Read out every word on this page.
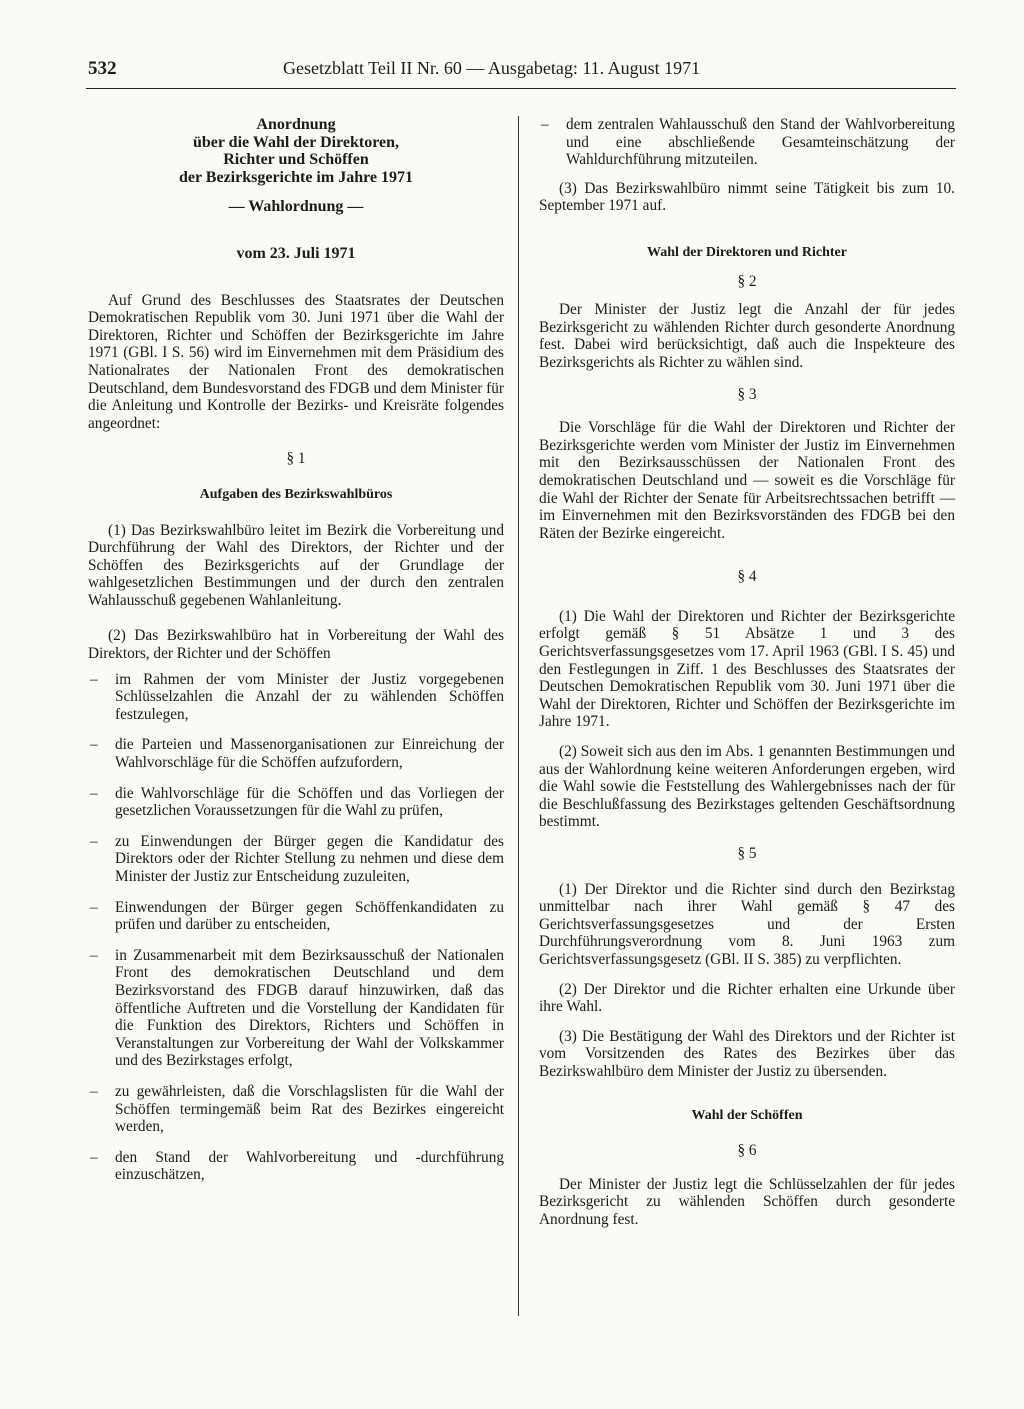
532	Gesetzblatt Teil II Nr. 60 — Ausgabetag: 11. August 1971
Anordnung
über die Wahl der Direktoren,
Richter und Schöffen
der Bezirksgerichte im Jahre 1971
— Wahlordnung —
vom 23. Juli 1971

Auf Grund des Beschlusses des Staatsrates der Deutschen Demokratischen Republik vom 30. Juni 1971 über die Wahl der Direktoren, Richter und Schöffen der Bezirksgerichte im Jahre 1971 (GBl. I S. 56) wird im Einvernehmen mit dem Präsidium des Nationalrates der Nationalen Front des demokratischen Deutschland, dem Bundesvorstand des FDGB und dem Minister für die Anleitung und Kontrolle der Bezirks- und Kreisräte folgendes angeordnet:

§ 1
Aufgaben des Bezirkswahlbüros

(1) Das Bezirkswahlbüro leitet im Bezirk die Vorbereitung und Durchführung der Wahl des Direktors, der Richter und der Schöffen des Bezirksgerichts auf der Grundlage der wahlgesetzlichen Bestimmungen und der durch den zentralen Wahlausschuß gegebenen Wahlanleitung.

(2) Das Bezirkswahlbüro hat in Vorbereitung der Wahl des Direktors, der Richter und der Schöffen

– im Rahmen der vom Minister der Justiz vorgegebenen Schlüsselzahlen die Anzahl der zu wählenden Schöffen festzulegen,
– die Parteien und Massenorganisationen zur Einreichung der Wahlvorschläge für die Schöffen aufzufordern,
– die Wahlvorschläge für die Schöffen und das Vorliegen der gesetzlichen Voraussetzungen für die Wahl zu prüfen,
– zu Einwendungen der Bürger gegen die Kandidatur des Direktors oder der Richter Stellung zu nehmen und diese dem Minister der Justiz zur Entscheidung zuzuleiten,
– Einwendungen der Bürger gegen Schöffenkandidaten zu prüfen und darüber zu entscheiden,
– in Zusammenarbeit mit dem Bezirksausschuß der Nationalen Front des demokratischen Deutschland und dem Bezirksvorstand des FDGB darauf hinzuwirken, daß das öffentliche Auftreten und die Vorstellung der Kandidaten für die Funktion des Direktors, Richters und Schöffen in Veranstaltungen zur Vorbereitung der Wahl der Volkskammer und des Bezirkstages erfolgt,
– zu gewährleisten, daß die Vorschlagslisten für die Wahl der Schöffen termingemäß beim Rat des Bezirkes eingereicht werden,
– den Stand der Wahlvorbereitung und -durchführung einzuschätzen,
– dem zentralen Wahlausschuß den Stand der Wahlvorbereitung und eine abschließende Gesamteinschätzung der Wahldurchführung mitzuteilen.

(3) Das Bezirkswahlbüro nimmt seine Tätigkeit bis zum 10. September 1971 auf.

Wahl der Direktoren und Richter
§ 2

Der Minister der Justiz legt die Anzahl der für jedes Bezirksgericht zu wählenden Richter durch gesonderte Anordnung fest. Dabei wird berücksichtigt, daß auch die Inspekteure des Bezirksgerichts als Richter zu wählen sind.

§ 3

Die Vorschläge für die Wahl der Direktoren und Richter der Bezirksgerichte werden vom Minister der Justiz im Einvernehmen mit den Bezirksausschüssen der Nationalen Front des demokratischen Deutschland und — soweit es die Vorschläge für die Wahl der Richter der Senate für Arbeitsrechtssachen betrifft — im Einvernehmen mit den Bezirksvorständen des FDGB bei den Räten der Bezirke eingereicht.

§ 4

(1) Die Wahl der Direktoren und Richter der Bezirksgerichte erfolgt gemäß § 51 Absätze 1 und 3 des Gerichtsverfassungsgesetzes vom 17. April 1963 (GBl. I S. 45) und den Festlegungen in Ziff. 1 des Beschlusses des Staatsrates der Deutschen Demokratischen Republik vom 30. Juni 1971 über die Wahl der Direktoren, Richter und Schöffen der Bezirksgerichte im Jahre 1971.

(2) Soweit sich aus den im Abs. 1 genannten Bestimmungen und aus der Wahlordnung keine weiteren Anforderungen ergeben, wird die Wahl sowie die Feststellung des Wahlergebnisses nach der für die Beschlußfassung des Bezirkstages geltenden Geschäftsordnung bestimmt.

§ 5

(1) Der Direktor und die Richter sind durch den Bezirkstag unmittelbar nach ihrer Wahl gemäß § 47 des Gerichtsverfassungsgesetzes und der Ersten Durchführungsverordnung vom 8. Juni 1963 zum Gerichtsverfassungsgesetz (GBl. II S. 385) zu verpflichten.

(2) Der Direktor und die Richter erhalten eine Urkunde über ihre Wahl.

(3) Die Bestätigung der Wahl des Direktors und der Richter ist vom Vorsitzenden des Rates des Bezirkes über das Bezirkswahlbüro dem Minister der Justiz zu übersenden.

Wahl der Schöffen
§ 6

Der Minister der Justiz legt die Schlüsselzahlen der für jedes Bezirksgericht zu wählenden Schöffen durch gesonderte Anordnung fest.
